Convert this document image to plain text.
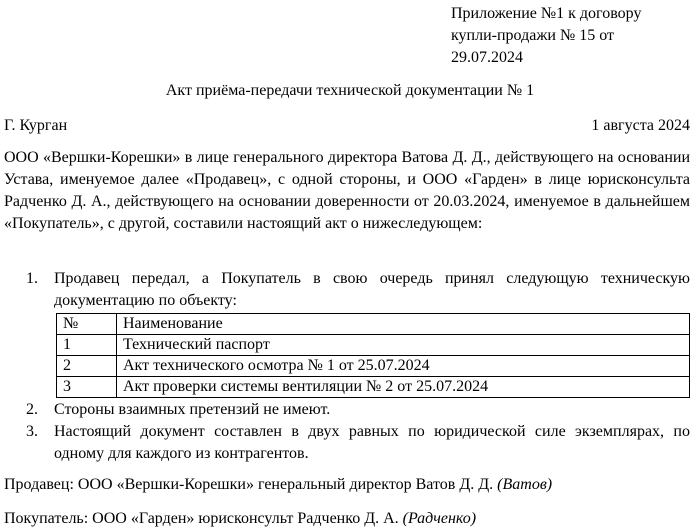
Приложение №1 к договору
купли-продажи № 15 от
29.07.2024
Акт приёма-передачи технической документации № 1
Г. Курган	1 августа 2024
ООО «Вершки-Корешки» в лице генерального директора Ватова Д. Д., действующего на основании Устава, именуемое далее «Продавец», с одной стороны, и ООО «Гарден» в лице юрисконсульта Радченко Д. А., действующего на основании доверенности от 20.03.2024, именуемое в дальнейшем «Покупатель», с другой, составили настоящий акт о нижеследующем:
1. Продавец передал, а Покупатель в свою очередь принял следующую техническую документацию по объекту:
№	Наименование
1	Технический паспорт
2	Акт технического осмотра № 1 от 25.07.2024
3	Акт проверки системы вентиляции № 2 от 25.07.2024
2. Стороны взаимных претензий не имеют.
3. Настоящий документ составлен в двух равных по юридической силе экземплярах, по одному для каждого из контрагентов.
Продавец: ООО «Вершки-Корешки» генеральный директор Ватов Д. Д. (Ватов)
Покупатель: ООО «Гарден» юрисконсульт Радченко Д. А. (Радченко)
